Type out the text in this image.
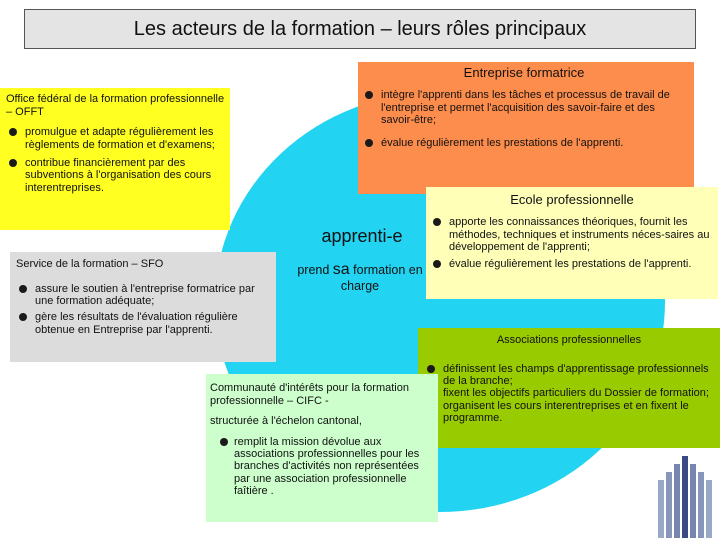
Les acteurs de la formation – leurs rôles principaux
Office fédéral de la formation professionnelle – OFFT
promulgue et adapte régulièrement les règlements de formation et d'examens;
contribue financièrement par des subventions à l'organisation des cours interentreprises.
Entreprise formatrice
intègre l'apprenti dans les tâches et processus de travail de l'entreprise et permet l'acquisition des savoir-faire et des savoir-être;
évalue régulièrement les prestations de l'apprenti.
apprenti-e
prend sa formation en
charge
Service de la formation – SFO
assure le soutien à l'entreprise formatrice par une formation adéquate;
gère les résultats de l'évaluation régulière obtenue en Entreprise par l'apprenti.
Ecole professionnelle
apporte les connaissances théoriques, fournit les méthodes, techniques et instruments néces-saires au développement de l'apprenti;
évalue régulièrement les prestations de l'apprenti.
Associations professionnelles
définissent les champs d'apprentissage professionnels de la branche;
fixent les objectifs particuliers du Dossier de formation;
organisent les cours interentreprises et en fixent le programme.
Communauté d'intérêts pour la formation professionnelle – CIFC -
structurée à l'échelon cantonal,
remplit la mission dévolue aux associations professionnelles pour les branches d'activités non représentées par une association professionnelle faîtière .
